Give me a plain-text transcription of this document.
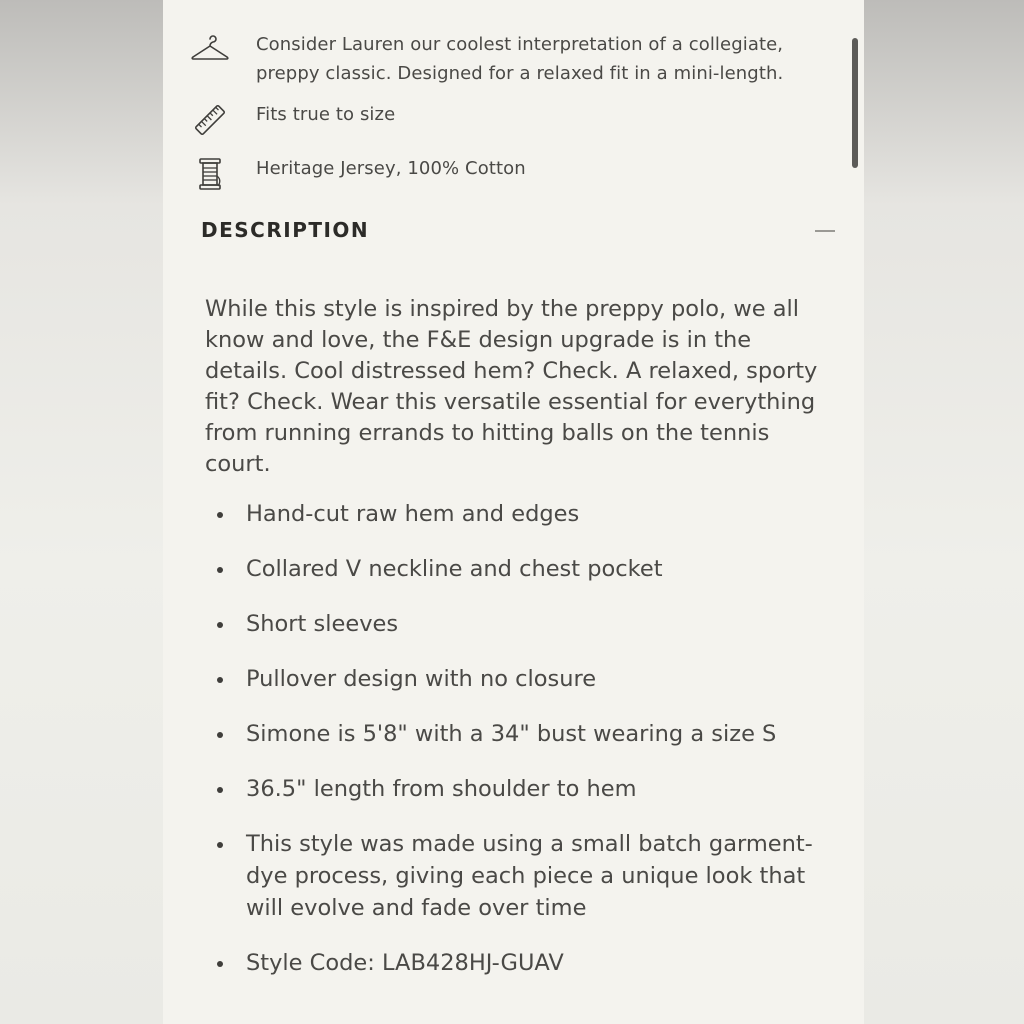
Consider Lauren our coolest interpretation of a collegiate, preppy classic. Designed for a relaxed fit in a mini-length.
Fits true to size
Heritage Jersey, 100% Cotton
DESCRIPTION
While this style is inspired by the preppy polo, we all know and love, the F&E design upgrade is in the details. Cool distressed hem? Check. A relaxed, sporty fit? Check. Wear this versatile essential for everything from running errands to hitting balls on the tennis court.
Hand-cut raw hem and edges
Collared V neckline and chest pocket
Short sleeves
Pullover design with no closure
Simone is 5'8" with a 34" bust wearing a size S
36.5" length from shoulder to hem
This style was made using a small batch garment-dye process, giving each piece a unique look that will evolve and fade over time
Style Code: LAB428HJ-GUAV
